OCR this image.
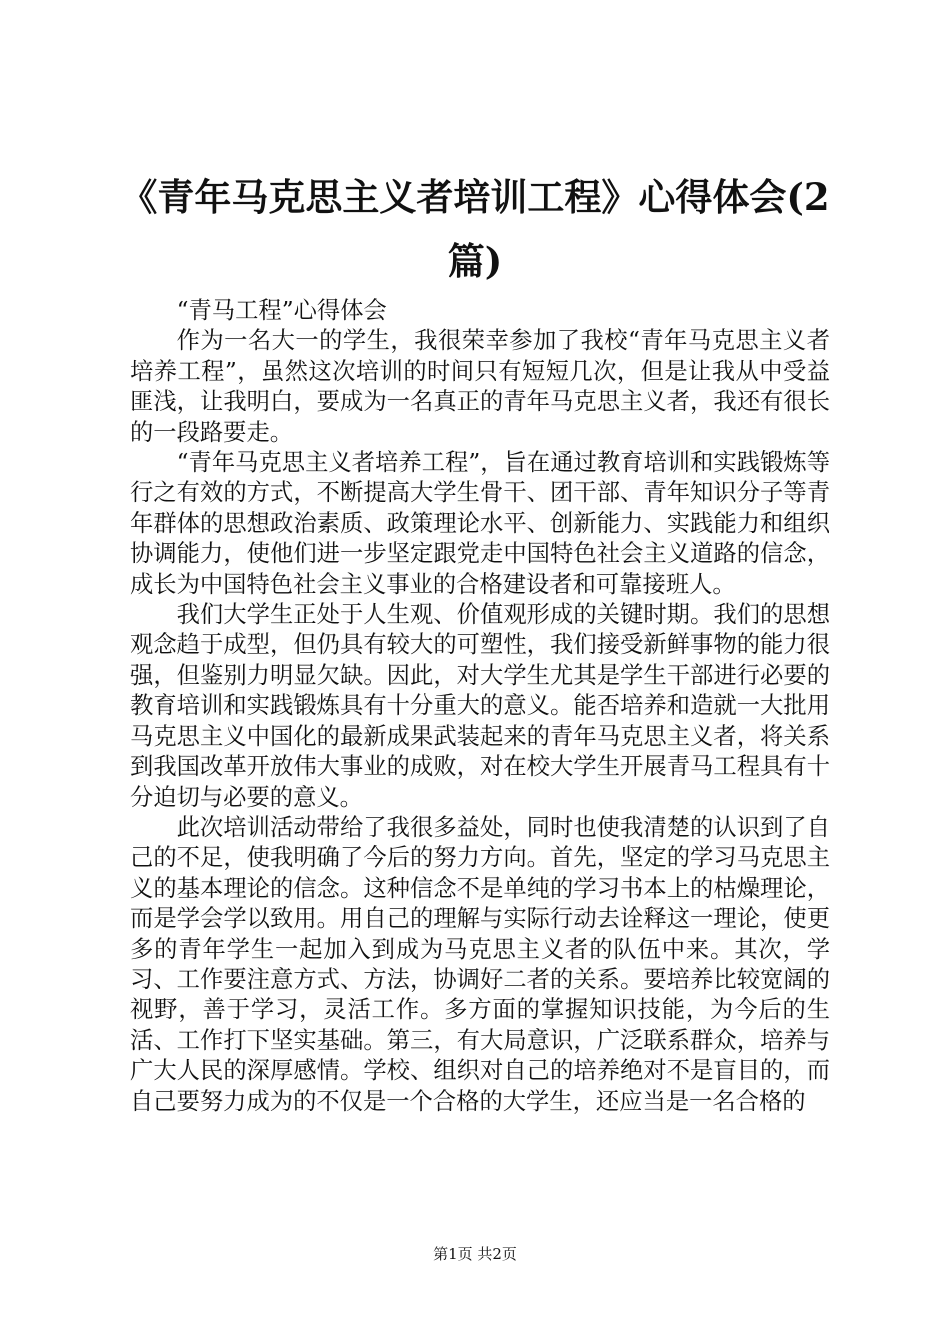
《青年马克思主义者培训工程》心得体会(2篇)

“青马工程”心得体会

作为一名大一的学生，我很荣幸参加了我校“青年马克思主义者培养工程”，虽然这次培训的时间只有短短几次，但是让我从中受益匪浅，让我明白，要成为一名真正的青年马克思主义者，我还有很长的一段路要走。

“青年马克思主义者培养工程”，旨在通过教育培训和实践锻炼等行之有效的方式，不断提高大学生骨干、团干部、青年知识分子等青年群体的思想政治素质、政策理论水平、创新能力、实践能力和组织协调能力，使他们进一步坚定跟党走中国特色社会主义道路的信念，成长为中国特色社会主义事业的合格建设者和可靠接班人。

我们大学生正处于人生观、价值观形成的关键时期。我们的思想观念趋于成型，但仍具有较大的可塑性，我们接受新鲜事物的能力很强，但鉴别力明显欠缺。因此，对大学生尤其是学生干部进行必要的教育培训和实践锻炼具有十分重大的意义。能否培养和造就一大批用马克思主义中国化的最新成果武装起来的青年马克思主义者，将关系到我国改革开放伟大事业的成败，对在校大学生开展青马工程具有十分迫切与必要的意义。

此次培训活动带给了我很多益处，同时也使我清楚的认识到了自己的不足，使我明确了今后的努力方向。首先，坚定的学习马克思主义的基本理论的信念。这种信念不是单纯的学习书本上的枯燥理论，而是学会学以致用。用自己的理解与实际行动去诠释这一理论，使更多的青年学生一起加入到成为马克思主义者的队伍中来。其次，学习、工作要注意方式、方法，协调好二者的关系。要培养比较宽阔的视野，善于学习，灵活工作。多方面的掌握知识技能，为今后的生活、工作打下坚实基础。第三，有大局意识，广泛联系群众，培养与广大人民的深厚感情。学校、组织对自己的培养绝对不是盲目的，而自己要努力成为的不仅是一个合格的大学生，还应当是一名合格的

第1页 共2页
